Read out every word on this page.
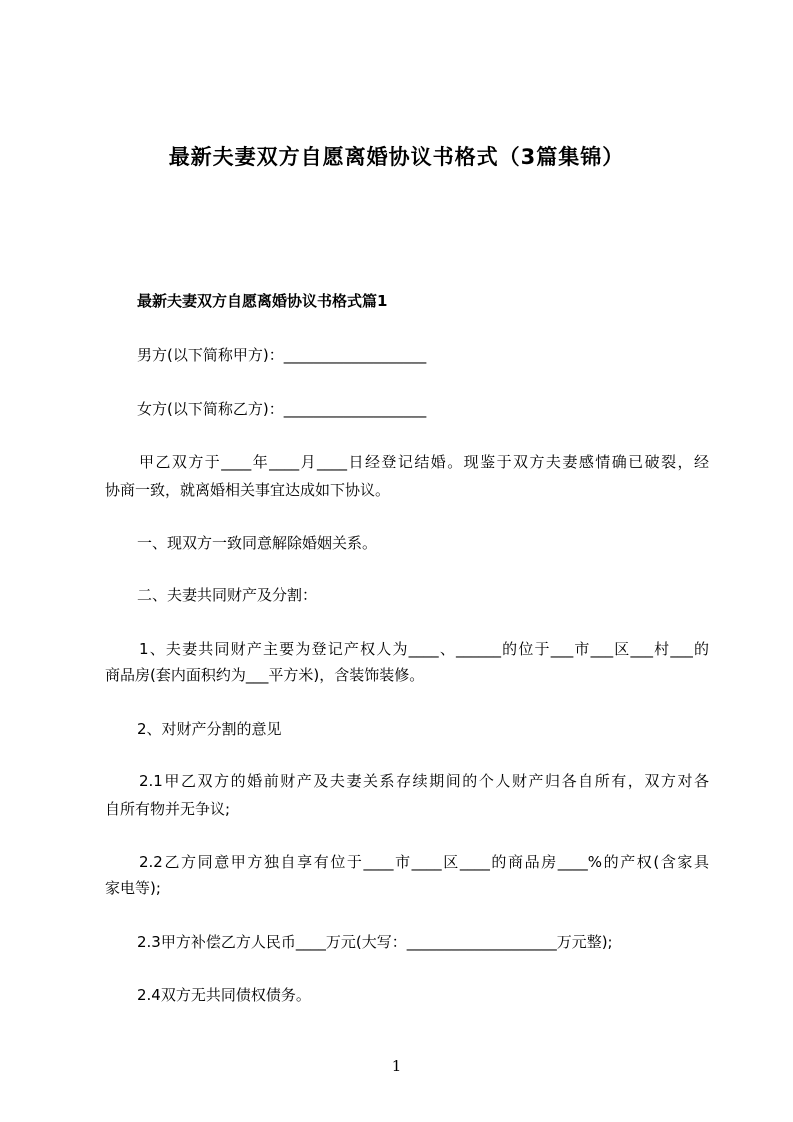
最新夫妻双方自愿离婚协议书格式（3篇集锦）
最新夫妻双方自愿离婚协议书格式篇1
男方(以下简称甲方)：___________________
女方(以下简称乙方)：___________________
甲乙双方于____年____月____日经登记结婚。现鉴于双方夫妻感情确已破裂，经
协商一致，就离婚相关事宜达成如下协议。
一、现双方一致同意解除婚姻关系。
二、夫妻共同财产及分割：
1、夫妻共同财产主要为登记产权人为____、______的位于___市___区___村___的
商品房(套内面积约为___平方米)，含装饰装修。
2、对财产分割的意见
2.1甲乙双方的婚前财产及夫妻关系存续期间的个人财产归各自所有，双方对各
自所有物并无争议;
2.2乙方同意甲方独自享有位于____市____区____的商品房____%的产权(含家具
家电等);
2.3甲方补偿乙方人民币____万元(大写：____________________万元整);
2.4双方无共同债权债务。
1
